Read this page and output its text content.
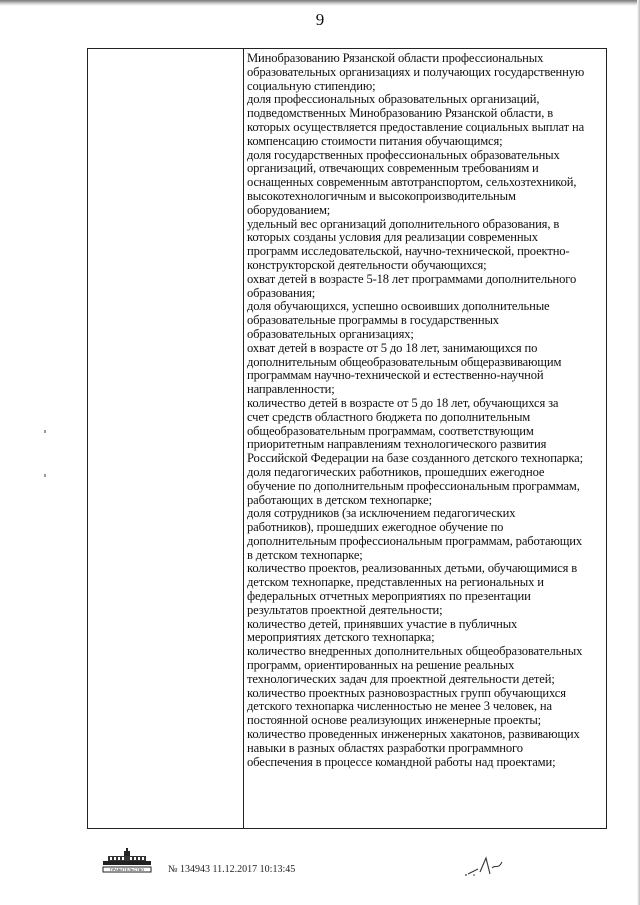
9
Минобразованию Рязанской области профессиональных
образовательных организациях и получающих государственную
социальную стипендию;
доля профессиональных образовательных организаций,
подведомственных Минобразованию Рязанской области, в
которых осуществляется предоставление социальных выплат на
компенсацию стоимости питания обучающимся;
доля государственных профессиональных образовательных
организаций, отвечающих современным требованиям и
оснащенных современным автотранспортом, сельхозтехникой,
высокотехнологичным и высокопроизводительным
оборудованием;
удельный вес организаций дополнительного образования, в
которых созданы условия для реализации современных
программ исследовательской, научно-технической, проектно-
конструкторской деятельности обучающихся;
охват детей в возрасте 5-18 лет программами дополнительного
образования;
доля обучающихся, успешно освоивших дополнительные
образовательные программы в государственных
образовательных организациях;
охват детей в возрасте от 5 до 18 лет, занимающихся по
дополнительным общеобразовательным общеразвивающим
программам научно-технической и естественно-научной
направленности;
количество детей в возрасте от 5 до 18 лет, обучающихся за
счет средств областного бюджета по дополнительным
общеобразовательным программам, соответствующим
приоритетным направлениям технологического развития
Российской Федерации на базе созданного детского технопарка;
доля педагогических работников, прошедших ежегодное
обучение по дополнительным профессиональным программам,
работающих в детском технопарке;
доля сотрудников (за исключением педагогических
работников), прошедших ежегодное обучение по
дополнительным профессиональным программам, работающих
в детском технопарке;
количество проектов, реализованных детьми, обучающимися в
детском технопарке, представленных на региональных и
федеральных отчетных мероприятиях по презентации
результатов проектной деятельности;
количество детей, принявших участие в публичных
мероприятиях детского технопарка;
количество внедренных дополнительных общеобразовательных
программ, ориентированных на решение реальных
технологических задач для проектной деятельности детей;
количество проектных разновозрастных групп обучающихся
детского технопарка численностью не менее 3 человек, на
постоянной основе реализующих инженерные проекты;
количество проведенных инженерных хакатонов, развивающих
навыки в разных областях разработки программного
обеспечения в процессе командной работы над проектами;
ПРАВИТЕЛЬСТВО № 134943 11.12.2017 10:13:45
